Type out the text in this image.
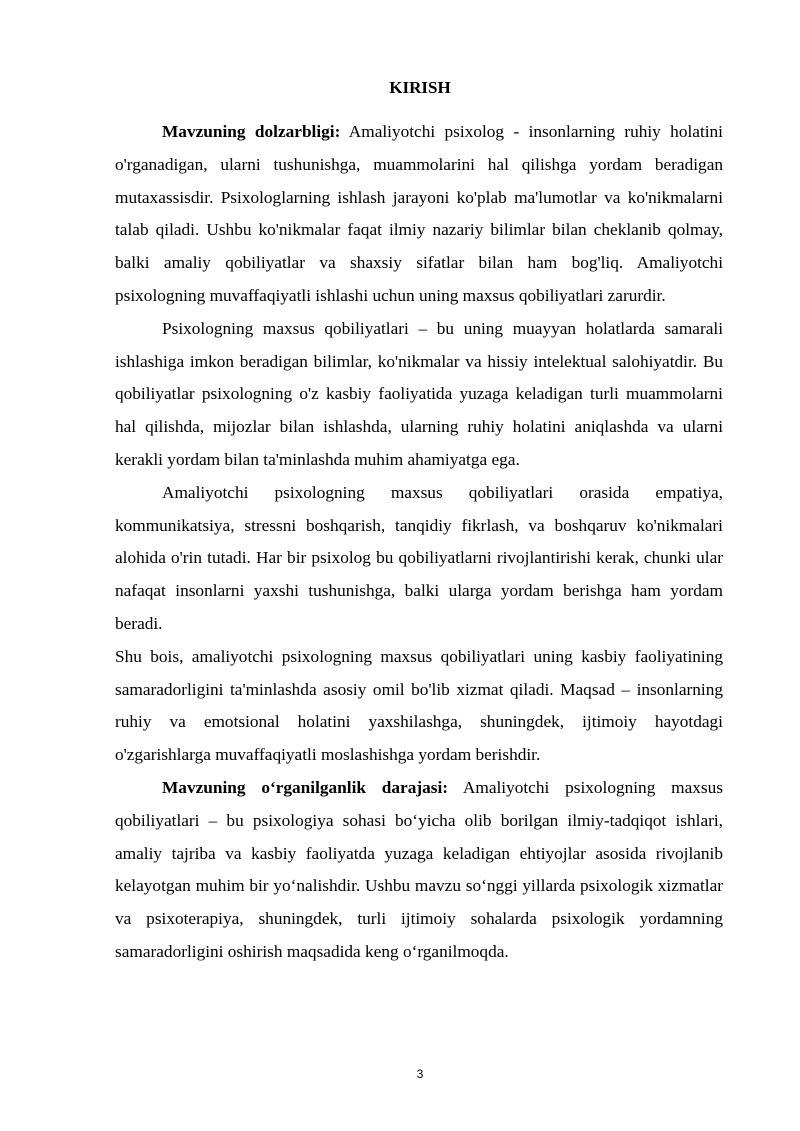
KIRISH

Mavzuning dolzarbligi: Amaliyotchi psixolog - insonlarning ruhiy holatini o'rganadigan, ularni tushunishga, muammolarini hal qilishga yordam beradigan mutaxassisdir. Psixologlarning ishlash jarayoni ko'plab ma'lumotlar va ko'nikmalarni talab qiladi. Ushbu ko'nikmalar faqat ilmiy nazariy bilimlar bilan cheklanib qolmay, balki amaliy qobiliyatlar va shaxsiy sifatlar bilan ham bog'liq. Amaliyotchi psixologning muvaffaqiyatli ishlashi uchun uning maxsus qobiliyatlari zarurdir.

Psixologning maxsus qobiliyatlari – bu uning muayyan holatlarda samarali ishlashiga imkon beradigan bilimlar, ko'nikmalar va hissiy intelektual salohiyatdir. Bu qobiliyatlar psixologning o'z kasbiy faoliyatida yuzaga keladigan turli muammolarni hal qilishda, mijozlar bilan ishlashda, ularning ruhiy holatini aniqlashda va ularni kerakli yordam bilan ta'minlashda muhim ahamiyatga ega.

Amaliyotchi psixologning maxsus qobiliyatlari orasida empatiya, kommunikatsiya, stressni boshqarish, tanqidiy fikrlash, va boshqaruv ko'nikmalari alohida o'rin tutadi. Har bir psixolog bu qobiliyatlarni rivojlantirishi kerak, chunki ular nafaqat insonlarni yaxshi tushunishga, balki ularga yordam berishga ham yordam beradi.

Shu bois, amaliyotchi psixologning maxsus qobiliyatlari uning kasbiy faoliyatining samaradorligini ta'minlashda asosiy omil bo'lib xizmat qiladi. Maqsad – insonlarning ruhiy va emotsional holatini yaxshilashga, shuningdek, ijtimoiy hayotdagi o'zgarishlarga muvaffaqiyatli moslashishga yordam berishdir.

Mavzuning oʻrganilganlik darajasi: Amaliyotchi psixologning maxsus qobiliyatlari – bu psixologiya sohasi boʻyicha olib borilgan ilmiy-tadqiqot ishlari, amaliy tajriba va kasbiy faoliyatda yuzaga keladigan ehtiyojlar asosida rivojlanib kelayotgan muhim bir yoʻnalishdir. Ushbu mavzu soʻnggi yillarda psixologik xizmatlar va psixoterapiya, shuningdek, turli ijtimoiy sohalarda psixologik yordamning samaradorligini oshirish maqsadida keng oʻrganilmoqda.

3
